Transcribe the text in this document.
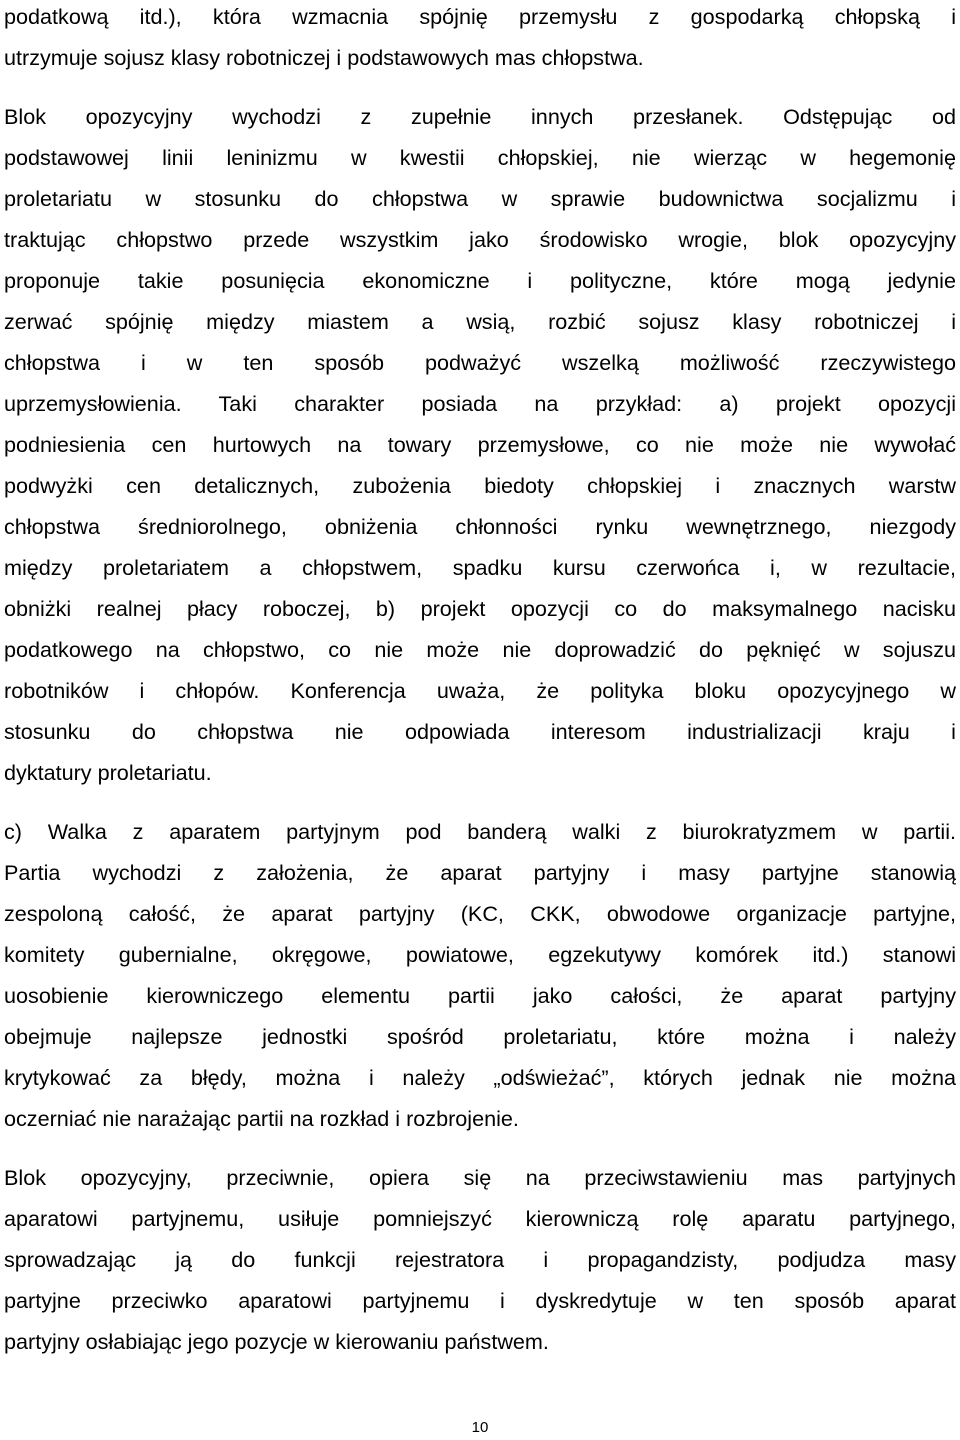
podatkową itd.), która wzmacnia spójnię przemysłu z gospodarką chłopską i
utrzymuje sojusz klasy robotniczej i podstawowych mas chłopstwa.
Blok opozycyjny wychodzi z zupełnie innych przesłanek. Odstępując od
podstawowej linii leninizmu w kwestii chłopskiej, nie wierząc w hegemonię
proletariatu w stosunku do chłopstwa w sprawie budownictwa socjalizmu i
traktując chłopstwo przede wszystkim jako środowisko wrogie, blok opozycyjny
proponuje takie posunięcia ekonomiczne i polityczne, które mogą jedynie
zerwać spójnię między miastem a wsią, rozbić sojusz klasy robotniczej i
chłopstwa i w ten sposób podważyć wszelką możliwość rzeczywistego
uprzemysłowienia. Taki charakter posiada na przykład: a) projekt opozycji
podniesienia cen hurtowych na towary przemysłowe, co nie może nie wywołać
podwyżki cen detalicznych, zubożenia biedoty chłopskiej i znacznych warstw
chłopstwa średniorolnego, obniżenia chłonności rynku wewnętrznego, niezgody
między proletariatem a chłopstwem, spadku kursu czerwońca i, w rezultacie,
obniżki realnej płacy roboczej, b) projekt opozycji co do maksymalnego nacisku
podatkowego na chłopstwo, co nie może nie doprowadzić do pęknięć w sojuszu
robotników i chłopów. Konferencja uważa, że polityka bloku opozycyjnego w
stosunku do chłopstwa nie odpowiada interesom industrializacji kraju i
dyktatury proletariatu.
c) Walka z aparatem partyjnym pod banderą walki z biurokratyzmem w partii.
Partia wychodzi z założenia, że aparat partyjny i masy partyjne stanowią
zespoloną całość, że aparat partyjny (KC, CKK, obwodowe organizacje partyjne,
komitety gubernialne, okręgowe, powiatowe, egzekutywy komórek itd.) stanowi
uosobienie kierowniczego elementu partii jako całości, że aparat partyjny
obejmuje najlepsze jednostki spośród proletariatu, które można i należy
krytykować za błędy, można i należy „odświeżać”, których jednak nie można
oczerniać nie narażając partii na rozkład i rozbrojenie.
Blok opozycyjny, przeciwnie, opiera się na przeciwstawieniu mas partyjnych
aparatowi partyjnemu, usiłuje pomniejszyć kierowniczą rolę aparatu partyjnego,
sprowadzając ją do funkcji rejestratora i propagandzisty, podjudza masy
partyjne przeciwko aparatowi partyjnemu i dyskredytuje w ten sposób aparat
partyjny osłabiając jego pozycje w kierowaniu państwem.
10
